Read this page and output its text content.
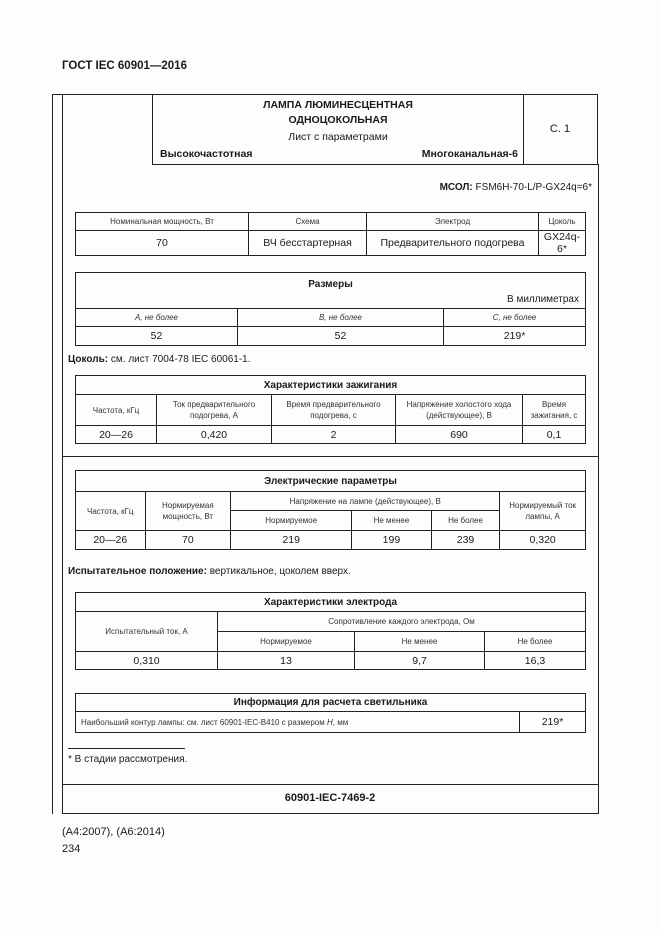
ГОСТ IEC 60901—2016
ЛАМПА ЛЮМИНЕСЦЕНТНАЯ
ОДНОЦОКОЛЬНАЯ
Лист с параметрами
Высокочастотная	Многоканальная-6
С. 1
МСОЛ: FSM6H-70-L/P-GX24q=6*
Номинальная мощность, Вт	Схема	Электрод	Цоколь
70	ВЧ бесстартерная	Предварительного подогрева	GX24q-6*
Размеры
В миллиметрах		

A, не более	B, не более	C, не более
52	52	219*
Цоколь: см. лист 7004-78 IEC 60061-1.
Характеристики зажигания				
Частота, кГц	Ток предварительного подогрева, А	Время предварительного подогрева, с	Напряжение холостого хода (действующее), В	Время зажигания, с
20—26	0,420	2	690	0,1
Электрические параметры					
Частота, кГц	Нормируемая мощность, Вт	Напряжение на лампе (действующее), В			Нормируемый ток лампы, А
		Нормируемое	Не менее	Не более	
20—26	70	219	199	239	0,320
Испытательное положение: вертикальное, цоколем вверх.
Характеристики электрода			
Испытательный ток, А	Сопротивление каждого электрода, Ом		
	Нормируемое	Не менее	Не более
0,310	13	9,7	16,3
Информация для расчета светильника
Наибольший контур лампы: см. лист 60901-IEC-B410 с размером H, мм	219*
* В стадии рассмотрения.
60901-IEC-7469-2
(А4:2007), (А6:2014)
234
